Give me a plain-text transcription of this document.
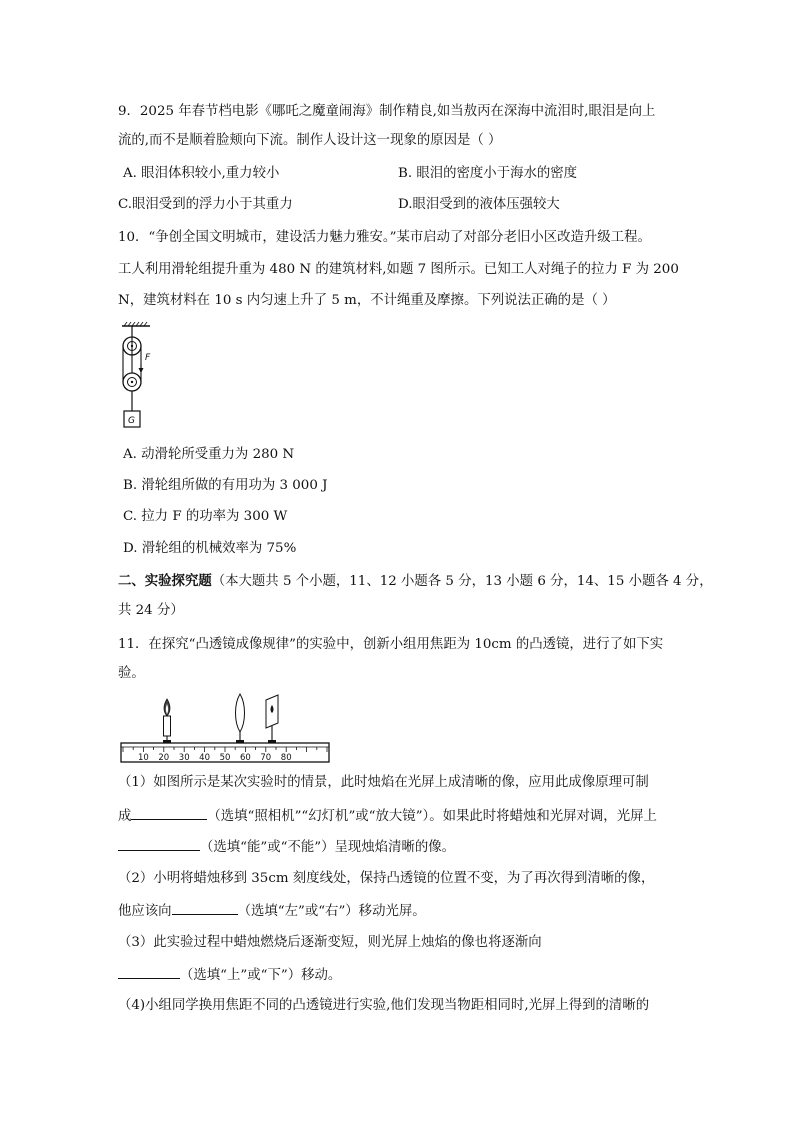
9．2025 年春节档电影《哪吒之魔童闹海》制作精良,如当敖丙在深海中流泪时,眼泪是向上
流的,而不是顺着脸颊向下流。制作人设计这一现象的原因是（ ）
A. 眼泪体积较小,重力较小	B. 眼泪的密度小于海水的密度
C.眼泪受到的浮力小于其重力	D.眼泪受到的液体压强较大
10．“争创全国文明城市，建设活力魅力雅安。”某市启动了对部分老旧小区改造升级工程。
工人利用滑轮组提升重为 480 N 的建筑材料,如题 7 图所示。已知工人对绳子的拉力 F 为 200
N，建筑材料在 10 s 内匀速上升了 5 m，不计绳重及摩擦。下列说法正确的是（ ）
F
G
A. 动滑轮所受重力为 280 N
B. 滑轮组所做的有用功为 3 000 J
C. 拉力 F 的功率为 300 W
D. 滑轮组的机械效率为 75%
二、实验探究题（本大题共 5 个小题，11、12 小题各 5 分，13 小题 6 分，14、15 小题各 4 分，
共 24 分）
11．在探究“凸透镜成像规律”的实验中，创新小组用焦距为 10cm 的凸透镜，进行了如下实
验。
10 20 30 40 50 60 70 80
（1）如图所示是某次实验时的情景，此时烛焰在光屏上成清晰的像，应用此成像原理可制
成	（选填“照相机”“幻灯机”或“放大镜”）。如果此时将蜡烛和光屏对调，光屏上
（选填“能”或“不能”）呈现烛焰清晰的像。
（2）小明将蜡烛移到 35cm 刻度线处，保持凸透镜的位置不变，为了再次得到清晰的像，
他应该向	（选填“左”或“右”）移动光屏。
（3）此实验过程中蜡烛燃烧后逐渐变短，则光屏上烛焰的像也将逐渐向
（选填“上”或“下”）移动。
（4)小组同学换用焦距不同的凸透镜进行实验,他们发现当物距相同时,光屏上得到的清晰的
